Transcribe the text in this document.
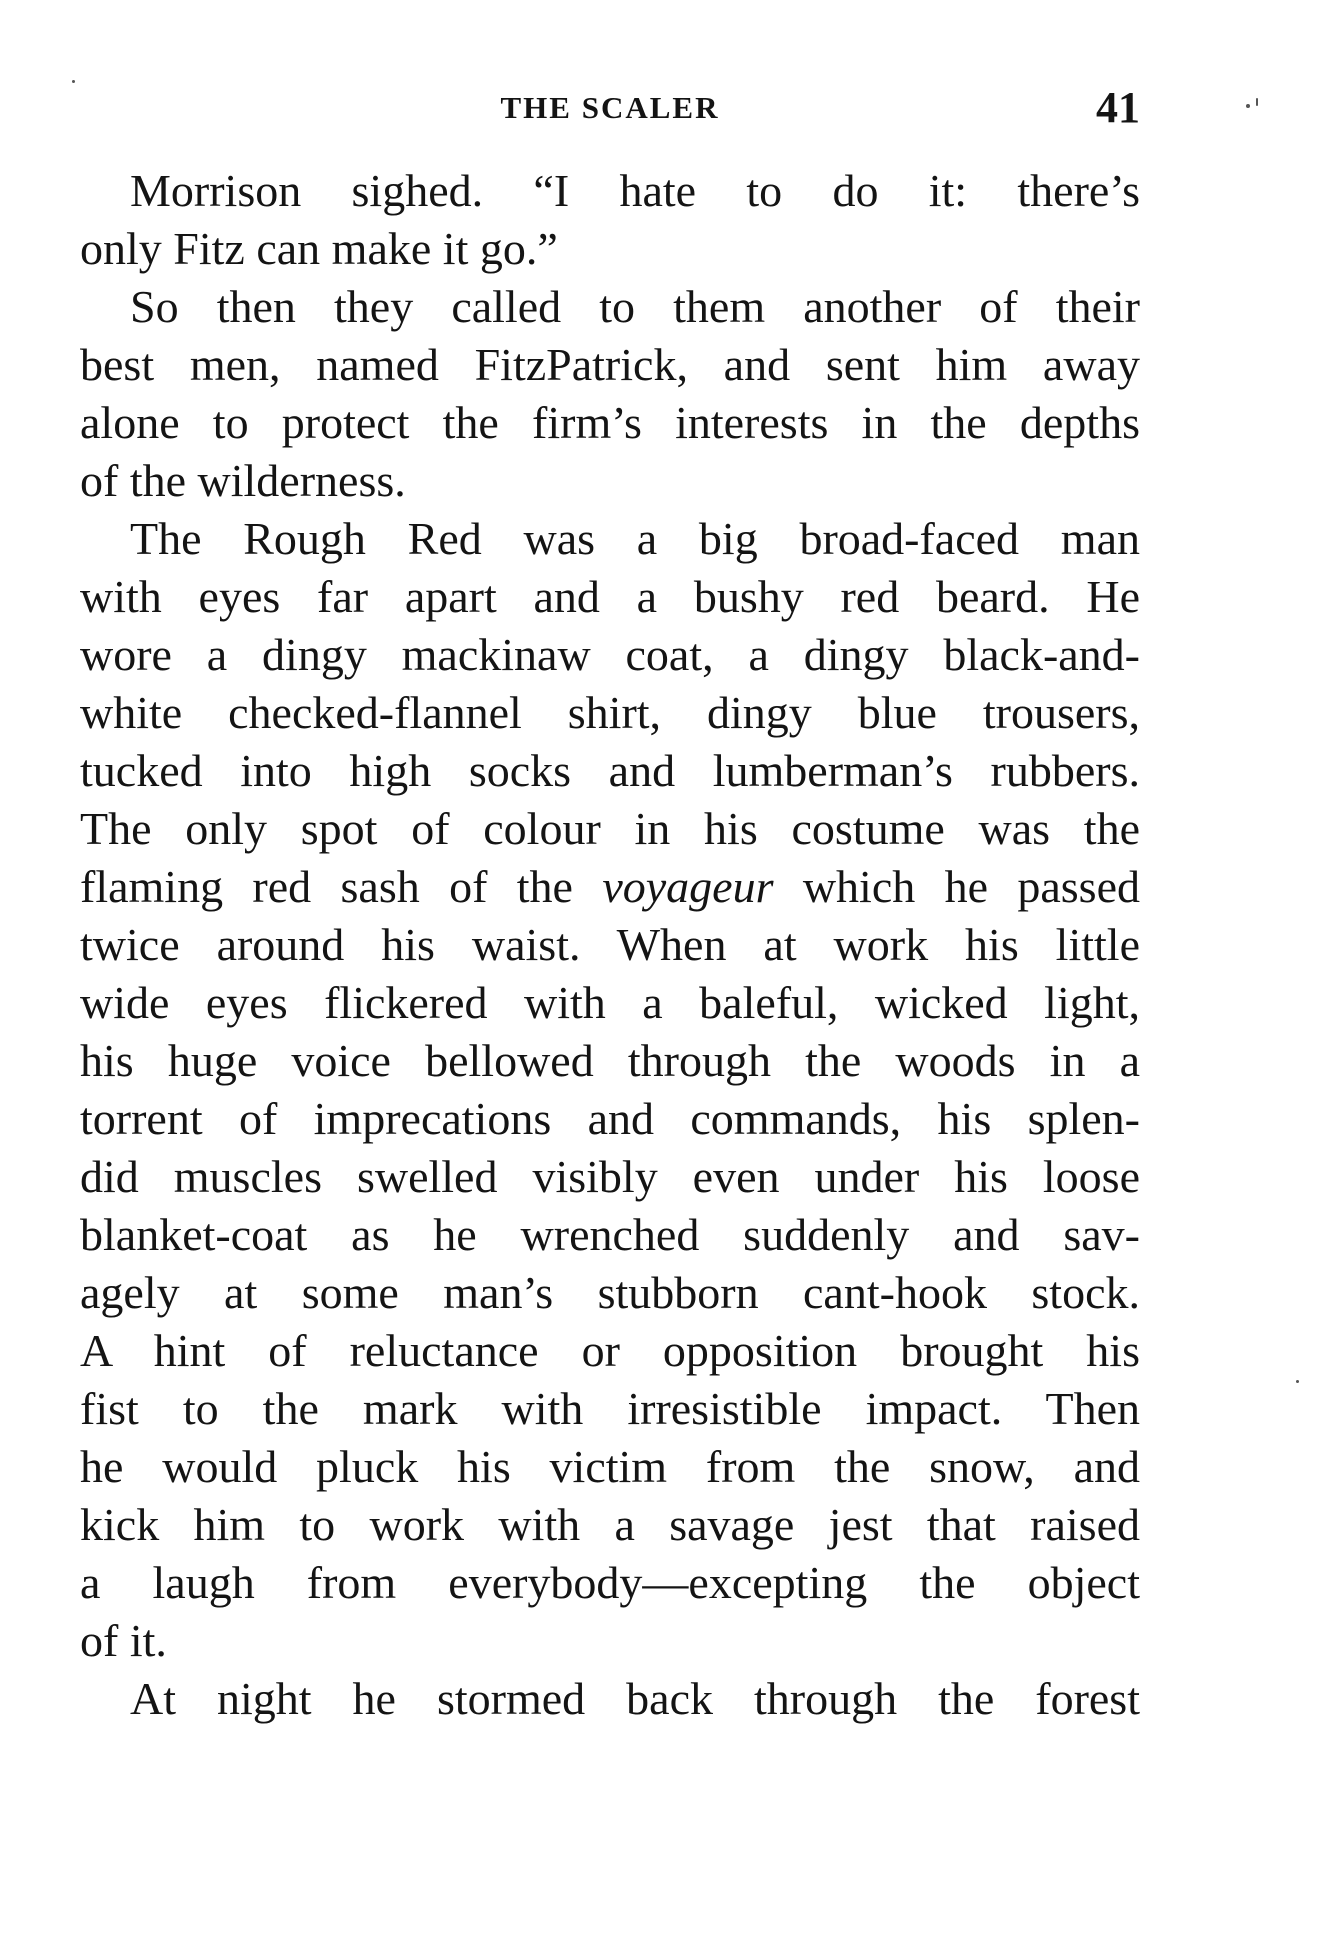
THE SCALER	41
Morrison sighed. “I hate to do it: there’s
only Fitz can make it go.”
So then they called to them another of their
best men, named FitzPatrick, and sent him away
alone to protect the firm’s interests in the depths
of the wilderness.
The Rough Red was a big broad-faced man
with eyes far apart and a bushy red beard. He
wore a dingy mackinaw coat, a dingy black-and-
white checked-flannel shirt, dingy blue trousers,
tucked into high socks and lumberman’s rubbers.
The only spot of colour in his costume was the
flaming red sash of the voyageur which he passed
twice around his waist. When at work his little
wide eyes flickered with a baleful, wicked light,
his huge voice bellowed through the woods in a
torrent of imprecations and commands, his splen-
did muscles swelled visibly even under his loose
blanket-coat as he wrenched suddenly and sav-
agely at some man’s stubborn cant-hook stock.
A hint of reluctance or opposition brought his
fist to the mark with irresistible impact. Then
he would pluck his victim from the snow, and
kick him to work with a savage jest that raised
a laugh from everybody—excepting the object
of it.
At night he stormed back through the forest
